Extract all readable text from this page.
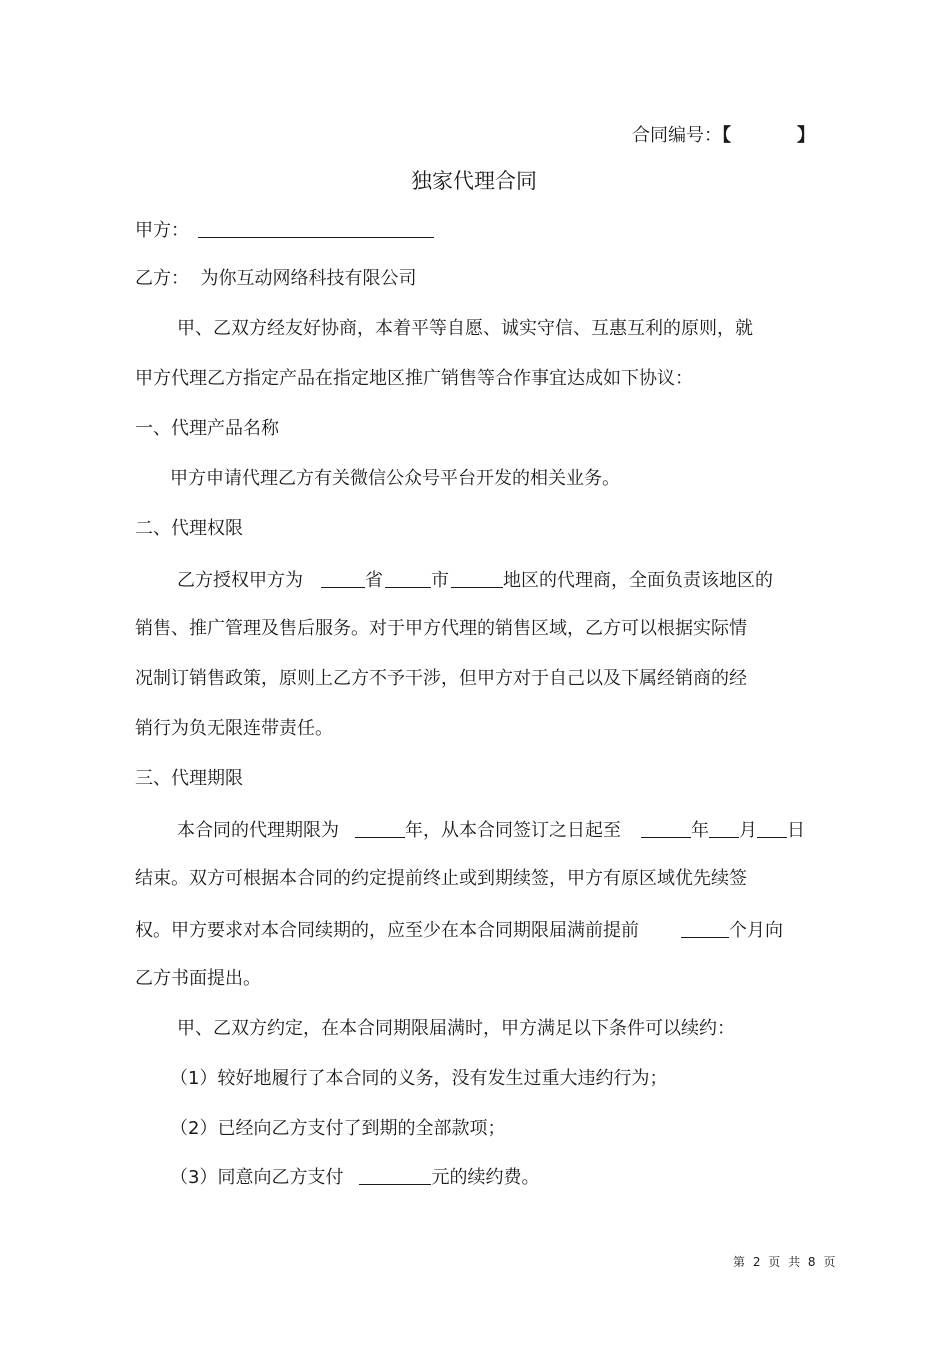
合同编号：【	】
独家代理合同
甲方：
乙方：  为你互动网络科技有限公司
甲、乙双方经友好协商，本着平等自愿、诚实守信、互惠互利的原则，就
甲方代理乙方指定产品在指定地区推广销售等合作事宜达成如下协议：
一、代理产品名称
甲方申请代理乙方有关微信公众号平台开发的相关业务。
二、代理权限
乙方授权甲方为	省	市	地区的代理商，全面负责该地区的
销售、推广管理及售后服务。对于甲方代理的销售区域，乙方可以根据实际情
况制订销售政策，原则上乙方不予干涉，但甲方对于自己以及下属经销商的经
销行为负无限连带责任。
三、代理期限
本合同的代理期限为	年，从本合同签订之日起至	年 月 日
结束。双方可根据本合同的约定提前终止或到期续签，甲方有原区域优先续签
权。甲方要求对本合同续期的，应至少在本合同期限届满前提前	个月向
乙方书面提出。
甲、乙双方约定，在本合同期限届满时，甲方满足以下条件可以续约：
（1）较好地履行了本合同的义务，没有发生过重大违约行为；
（2）已经向乙方支付了到期的全部款项；
（3）同意向乙方支付	元的续约费。
第 2 页 共 8 页
